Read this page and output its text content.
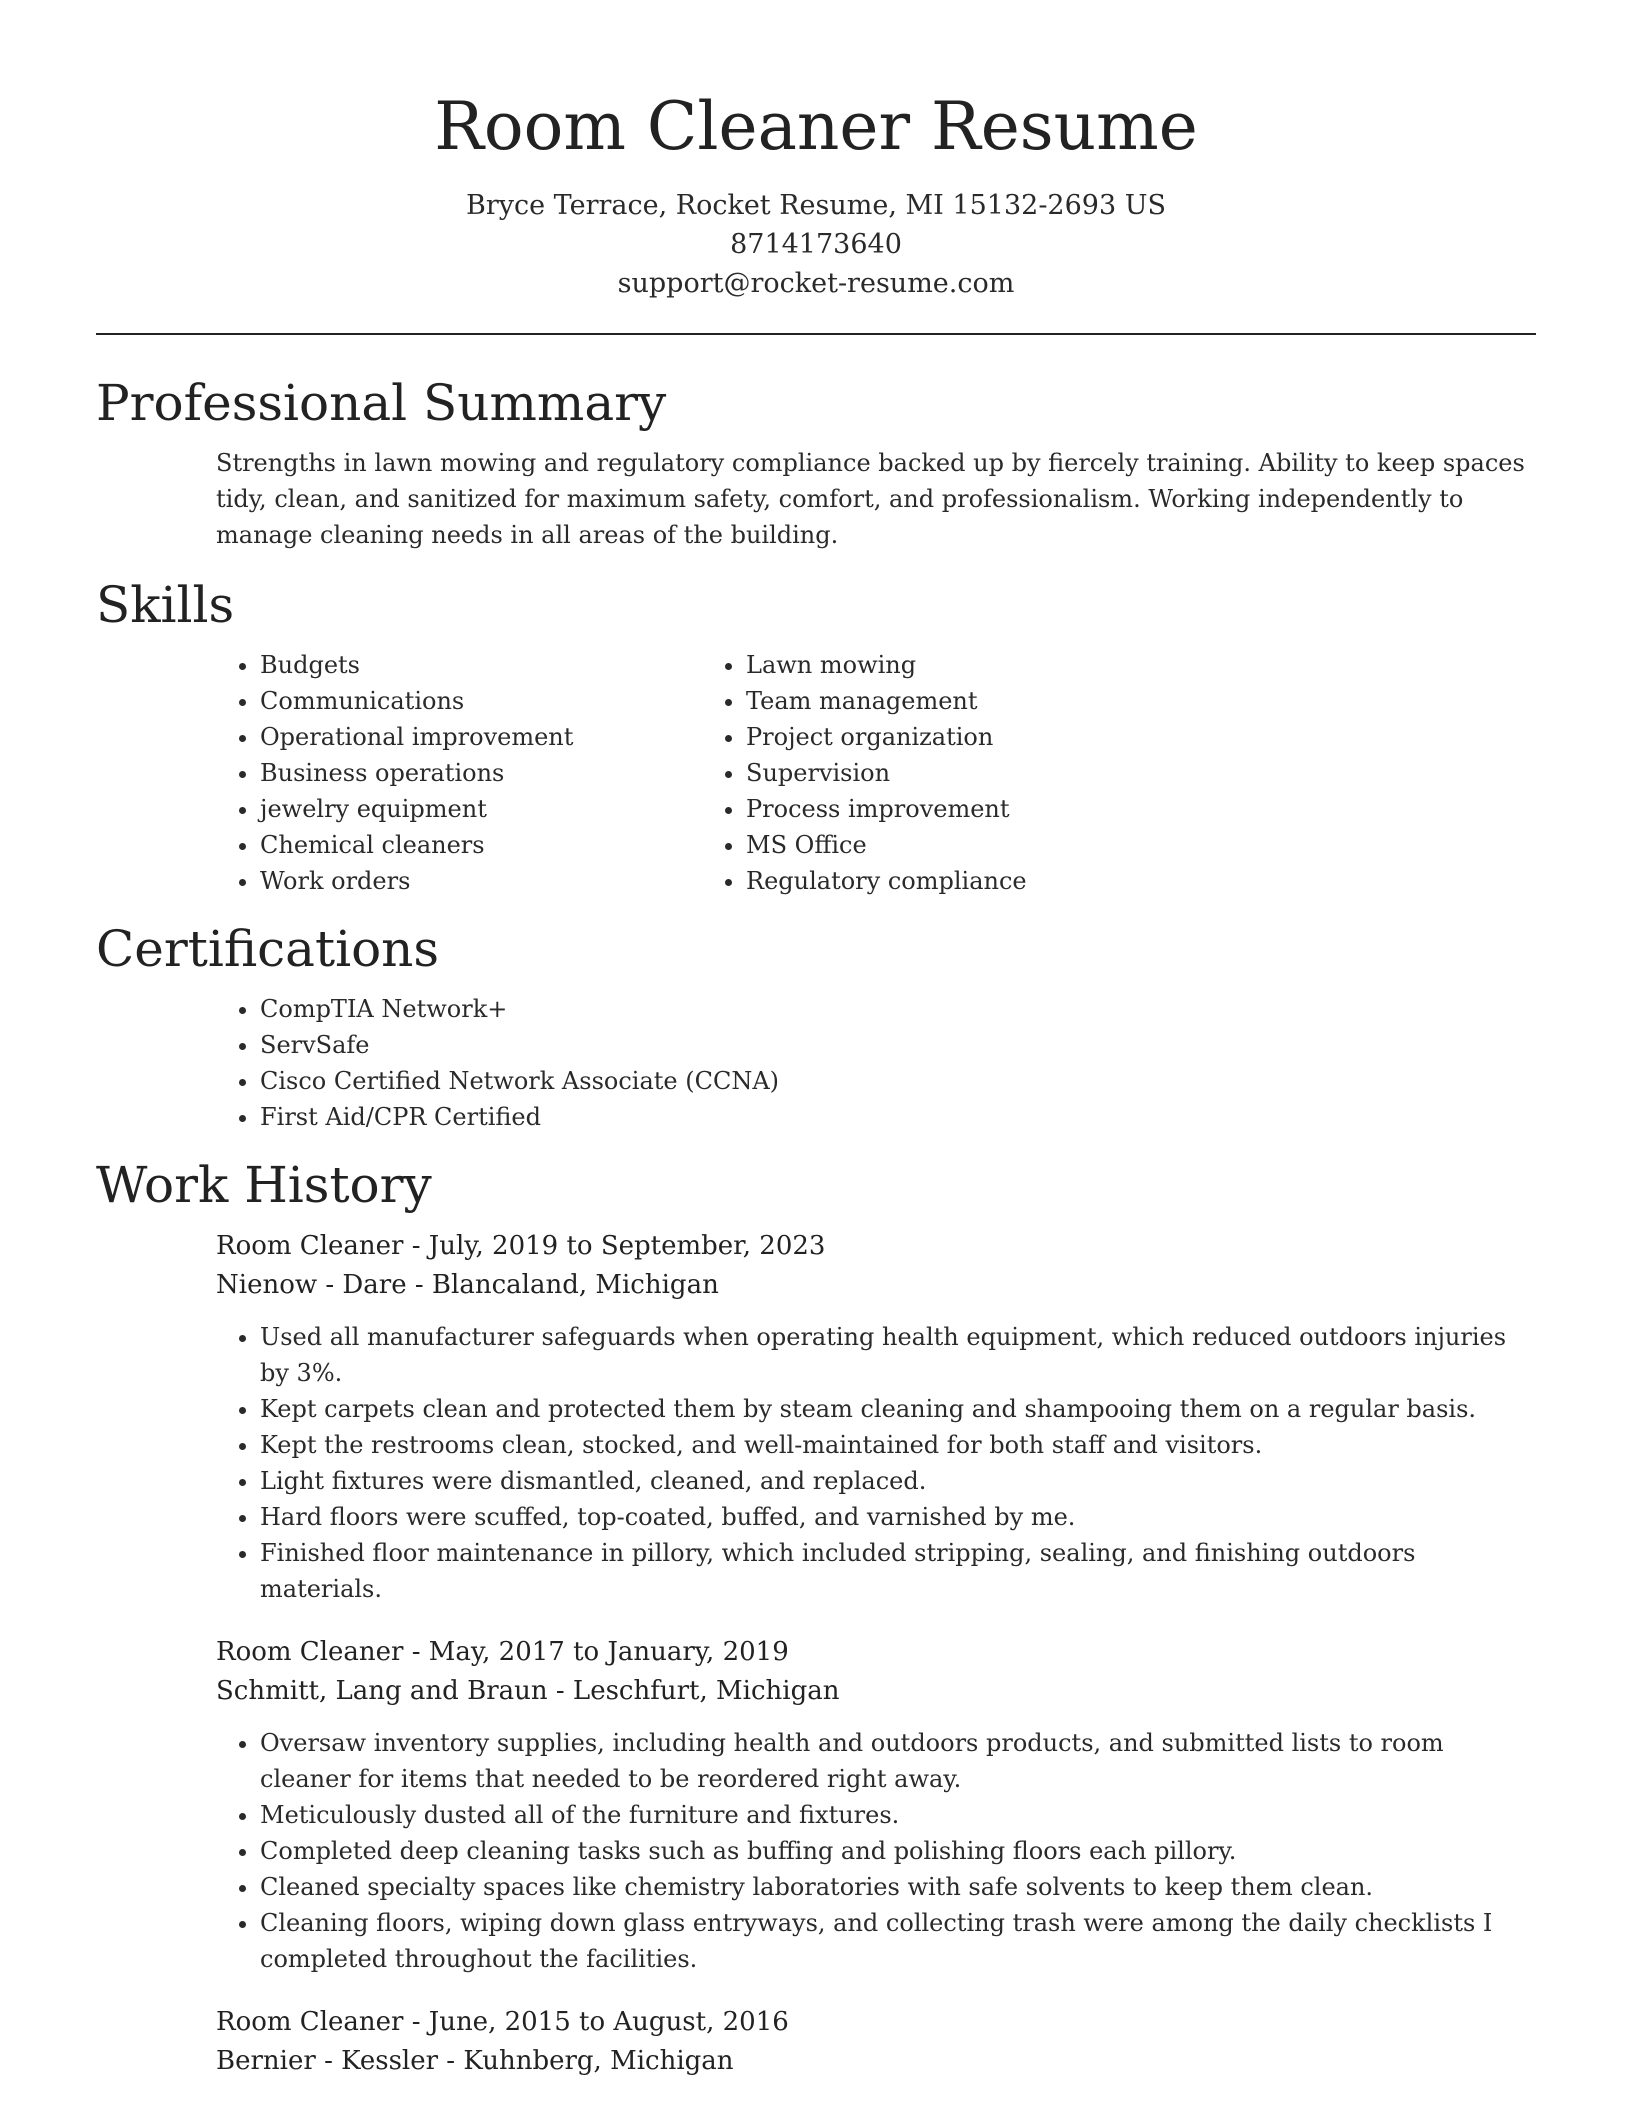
Room Cleaner Resume
Bryce Terrace, Rocket Resume, MI 15132-2693 US
8714173640
support@rocket-resume.com
Professional Summary

Strengths in lawn mowing and regulatory compliance backed up by fiercely training. Ability to keep spaces tidy, clean, and sanitized for maximum safety, comfort, and professionalism. Working independently to manage cleaning needs in all areas of the building.

Skills
• Budgets
• Communications
• Operational improvement
• Business operations
• jewelry equipment
• Chemical cleaners
• Work orders
• Lawn mowing
• Team management
• Project organization
• Supervision
• Process improvement
• MS Office
• Regulatory compliance
Certifications
• CompTIA Network+
• ServSafe
• Cisco Certified Network Associate (CCNA)
• First Aid/CPR Certified
Work History
Room Cleaner - July, 2019 to September, 2023
Nienow - Dare - Blancaland, Michigan
• Used all manufacturer safeguards when operating health equipment, which reduced outdoors injuries by 3%.
• Kept carpets clean and protected them by steam cleaning and shampooing them on a regular basis.
• Kept the restrooms clean, stocked, and well-maintained for both staff and visitors.
• Light fixtures were dismantled, cleaned, and replaced.
• Hard floors were scuffed, top-coated, buffed, and varnished by me.
• Finished floor maintenance in pillory, which included stripping, sealing, and finishing outdoors materials.
Room Cleaner - May, 2017 to January, 2019
Schmitt, Lang and Braun - Leschfurt, Michigan
• Oversaw inventory supplies, including health and outdoors products, and submitted lists to room cleaner for items that needed to be reordered right away.
• Meticulously dusted all of the furniture and fixtures.
• Completed deep cleaning tasks such as buffing and polishing floors each pillory.
• Cleaned specialty spaces like chemistry laboratories with safe solvents to keep them clean.
• Cleaning floors, wiping down glass entryways, and collecting trash were among the daily checklists I completed throughout the facilities.
Room Cleaner - June, 2015 to August, 2016
Bernier - Kessler - Kuhnberg, Michigan
